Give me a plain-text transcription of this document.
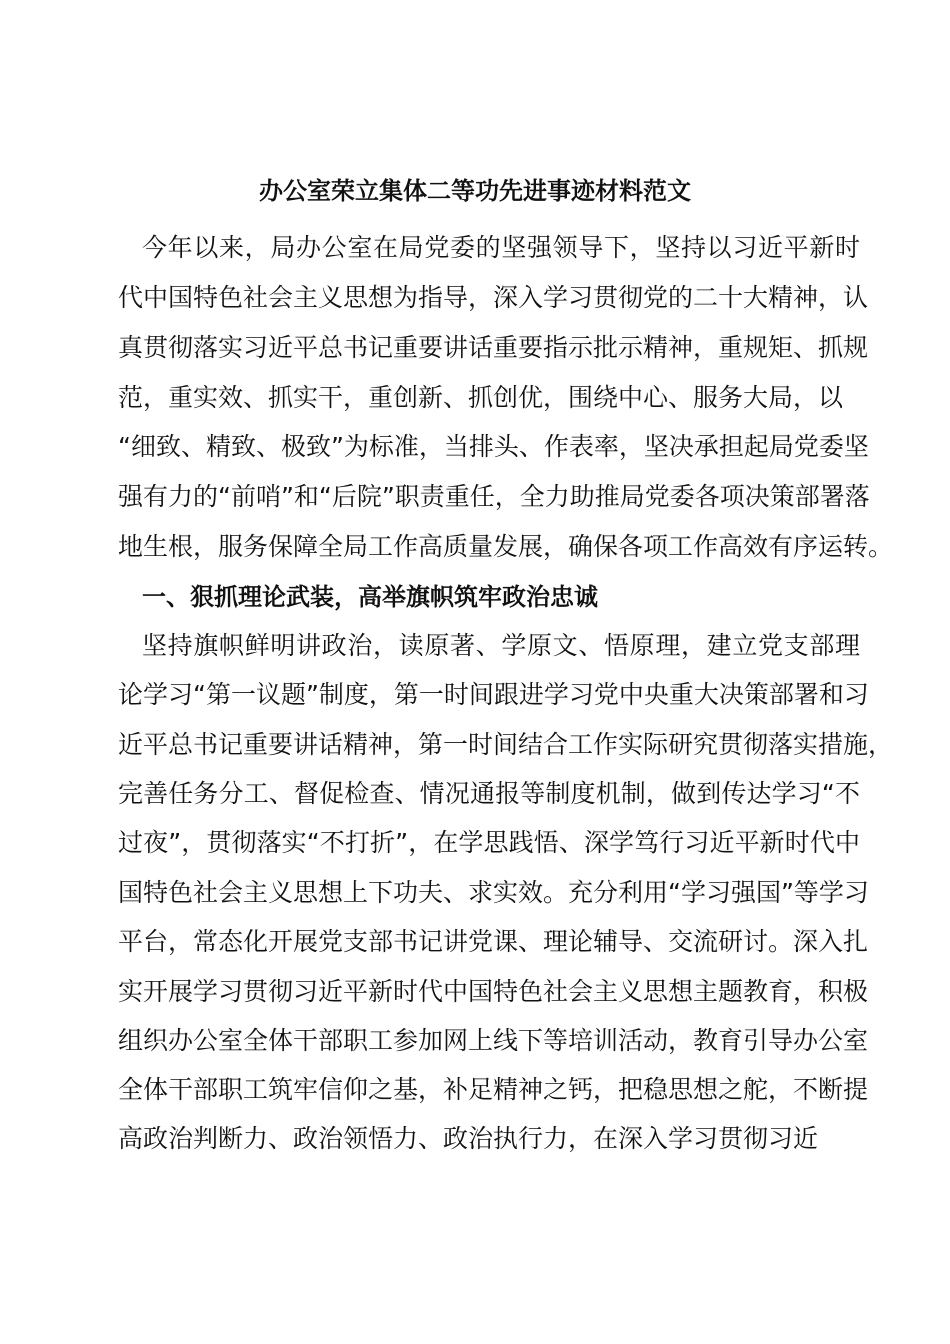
办公室荣立集体二等功先进事迹材料范文
今年以来，局办公室在局党委的坚强领导下，坚持以习近平新时
代中国特色社会主义思想为指导，深入学习贯彻党的二十大精神，认
真贯彻落实习近平总书记重要讲话重要指示批示精神，重规矩、抓规
范，重实效、抓实干，重创新、抓创优，围绕中心、服务大局，以
“细致、精致、极致”为标准，当排头、作表率，坚决承担起局党委坚
强有力的“前哨”和“后院”职责重任，全力助推局党委各项决策部署落
地生根，服务保障全局工作高质量发展，确保各项工作高效有序运转。
一、狠抓理论武装，高举旗帜筑牢政治忠诚
坚持旗帜鲜明讲政治，读原著、学原文、悟原理，建立党支部理
论学习“第一议题”制度，第一时间跟进学习党中央重大决策部署和习
近平总书记重要讲话精神，第一时间结合工作实际研究贯彻落实措施，
完善任务分工、督促检查、情况通报等制度机制，做到传达学习“不
过夜”，贯彻落实“不打折”，在学思践悟、深学笃行习近平新时代中
国特色社会主义思想上下功夫、求实效。充分利用“学习强国”等学习
平台，常态化开展党支部书记讲党课、理论辅导、交流研讨。深入扎
实开展学习贯彻习近平新时代中国特色社会主义思想主题教育，积极
组织办公室全体干部职工参加网上线下等培训活动，教育引导办公室
全体干部职工筑牢信仰之基，补足精神之钙，把稳思想之舵，不断提
高政治判断力、政治领悟力、政治执行力，在深入学习贯彻习近
